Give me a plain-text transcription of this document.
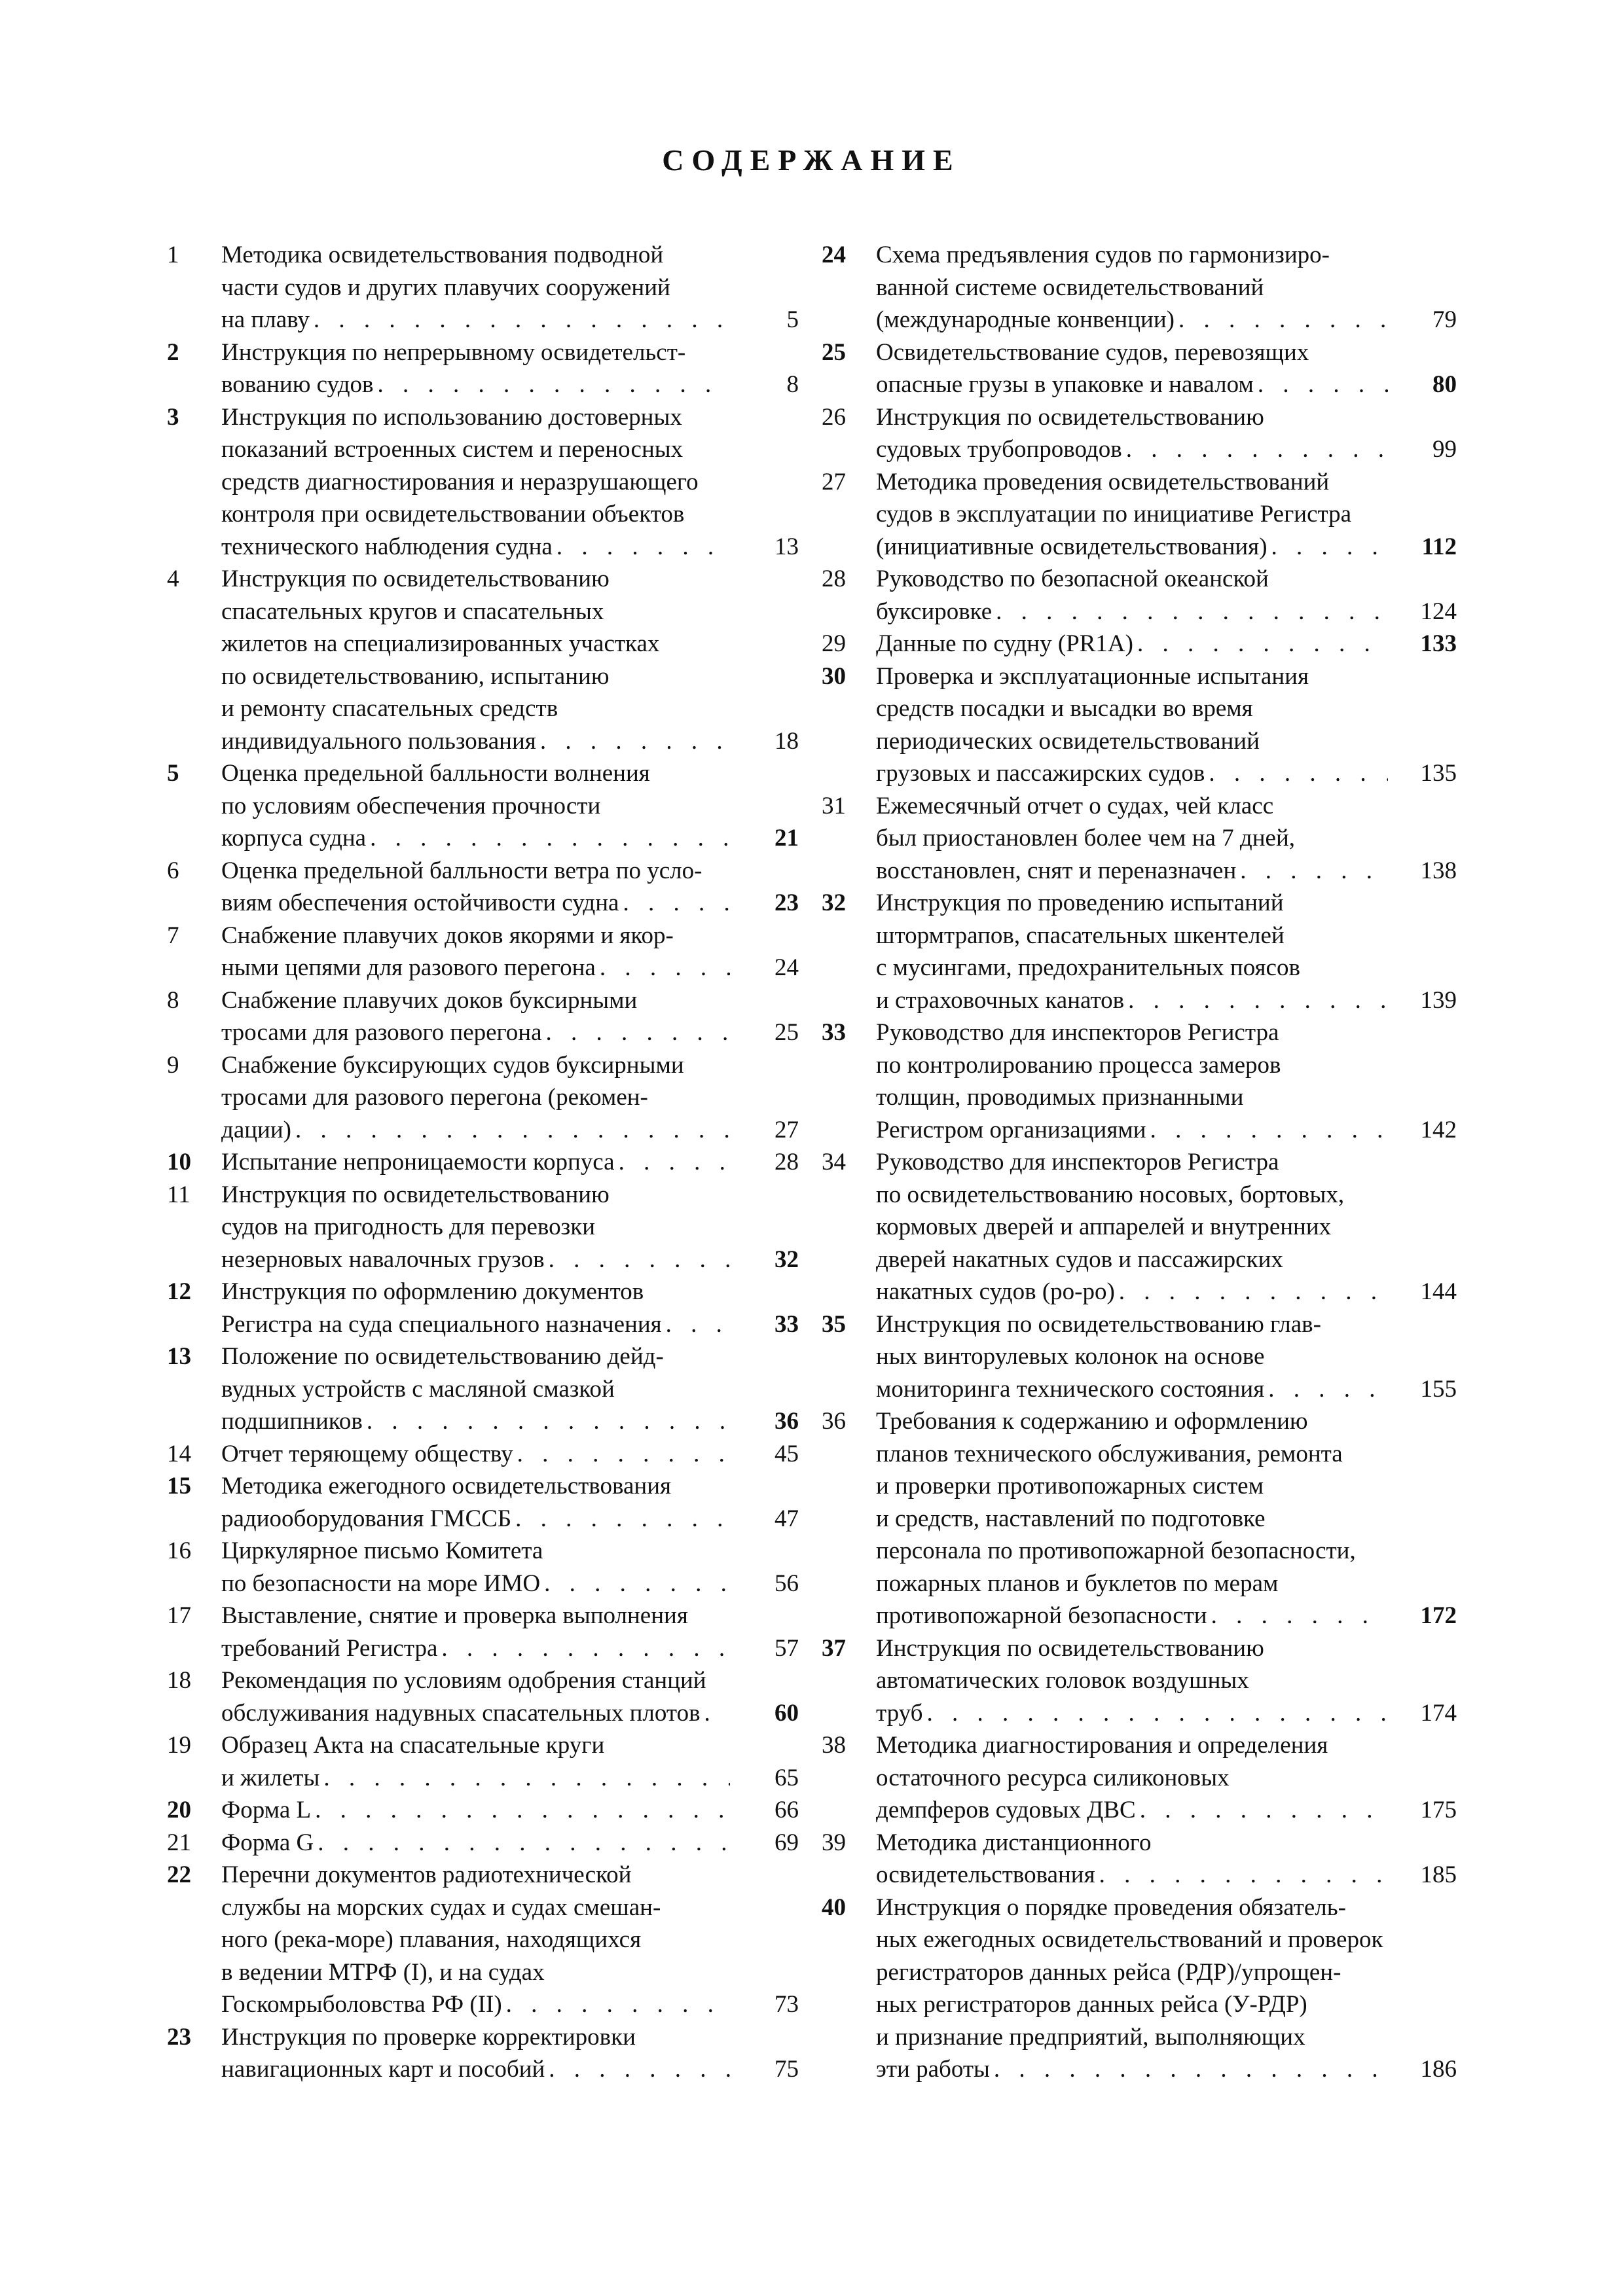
СОДЕРЖАНИЕ
1	Методика освидетельствования подводной
части судов и других плавучих сооружений
на плаву . . .	5
2	Инструкция по непрерывному освидетельст-
вованию судов . . .	8
3	Инструкция по использованию достоверных
показаний встроенных систем и переносных
средств диагностирования и неразрушающего
контроля при освидетельствовании объектов
технического наблюдения судна . . .	13
4	Инструкция по освидетельствованию
спасательных кругов и спасательных
жилетов на специализированных участках
по освидетельствованию, испытанию
и ремонту спасательных средств
индивидуального пользования . . .	18
5	Оценка предельной балльности волнения
по условиям обеспечения прочности
корпуса судна . . .	21
6	Оценка предельной балльности ветра по усло-
виям обеспечения остойчивости судна . . .	23
7	Снабжение плавучих доков якорями и якор-
ными цепями для разового перегона . . .	24
8	Снабжение плавучих доков буксирными
тросами для разового перегона . . .	25
9	Снабжение буксирующих судов буксирными
тросами для разового перегона (рекомен-
дации) . . .	27
10	Испытание непроницаемости корпуса . . .	28
11	Инструкция по освидетельствованию
судов на пригодность для перевозки
незерновых навалочных грузов . . .	32
12	Инструкция по оформлению документов
Регистра на суда специального назначения . . .	33
13	Положение по освидетельствованию дейд-
вудных устройств с масляной смазкой
подшипников . . .	36
14	Отчет теряющему обществу . . .	45
15	Методика ежегодного освидетельствования
радиооборудования ГМССБ . . .	47
16	Циркулярное письмо Комитета
по безопасности на море ИМО . . .	56
17	Выставление, снятие и проверка выполнения
требований Регистра . . .	57
18	Рекомендация по условиям одобрения станций
обслуживания надувных спасательных плотов . . .	60
19	Образец Акта на спасательные круги
и жилеты . . .	65
20	Форма L . . .	66
21	Форма G . . .	69
22	Перечни документов радиотехнической
службы на морских судах и судах смешан-
ного (река-море) плавания, находящихся
в ведении МТРФ (I), и на судах
Госкомрыболовства РФ (II) . . .	73
23	Инструкция по проверке корректировки
навигационных карт и пособий . . .	75
24	Схема предъявления судов по гармонизиро-
ванной системе освидетельствований
(международные конвенции) . . .	79
25	Освидетельствование судов, перевозящих
опасные грузы в упаковке и навалом . . .	80
26	Инструкция по освидетельствованию
судовых трубопроводов . . .	99
27	Методика проведения освидетельствований
судов в эксплуатации по инициативе Регистра
(инициативные освидетельствования) . . .	112
28	Руководство по безопасной океанской
буксировке . . .	124
29	Данные по судну (PR1A) . . .	133
30	Проверка и эксплуатационные испытания
средств посадки и высадки во время
периодических освидетельствований
грузовых и пассажирских судов . . .	135
31	Ежемесячный отчет о судах, чей класс
был приостановлен более чем на 7 дней,
восстановлен, снят и переназначен . . .	138
32	Инструкция по проведению испытаний
штормтрапов, спасательных шкентелей
с мусингами, предохранительных поясов
и страховочных канатов . . .	139
33	Руководство для инспекторов Регистра
по контролированию процесса замеров
толщин, проводимых признанными
Регистром организациями . . .	142
34	Руководство для инспекторов Регистра
по освидетельствованию носовых, бортовых,
кормовых дверей и аппарелей и внутренних
дверей накатных судов и пассажирских
накатных судов (ро-ро) . . .	144
35	Инструкция по освидетельствованию глав-
ных винторулевых колонок на основе
мониторинга технического состояния . . .	155
36	Требования к содержанию и оформлению
планов технического обслуживания, ремонта
и проверки противопожарных систем
и средств, наставлений по подготовке
персонала по противопожарной безопасности,
пожарных планов и буклетов по мерам
противопожарной безопасности . . .	172
37	Инструкция по освидетельствованию
автоматических головок воздушных
труб . . .	174
38	Методика диагностирования и определения
остаточного ресурса силиконовых
демпферов судовых ДВС . . .	175
39	Методика дистанционного
освидетельствования . . .	185
40	Инструкция о порядке проведения обязатель-
ных ежегодных освидетельствований и проверок
регистраторов данных рейса (РДР)/упрощен-
ных регистраторов данных рейса (У-РДР)
и признание предприятий, выполняющих
эти работы . . .	186
